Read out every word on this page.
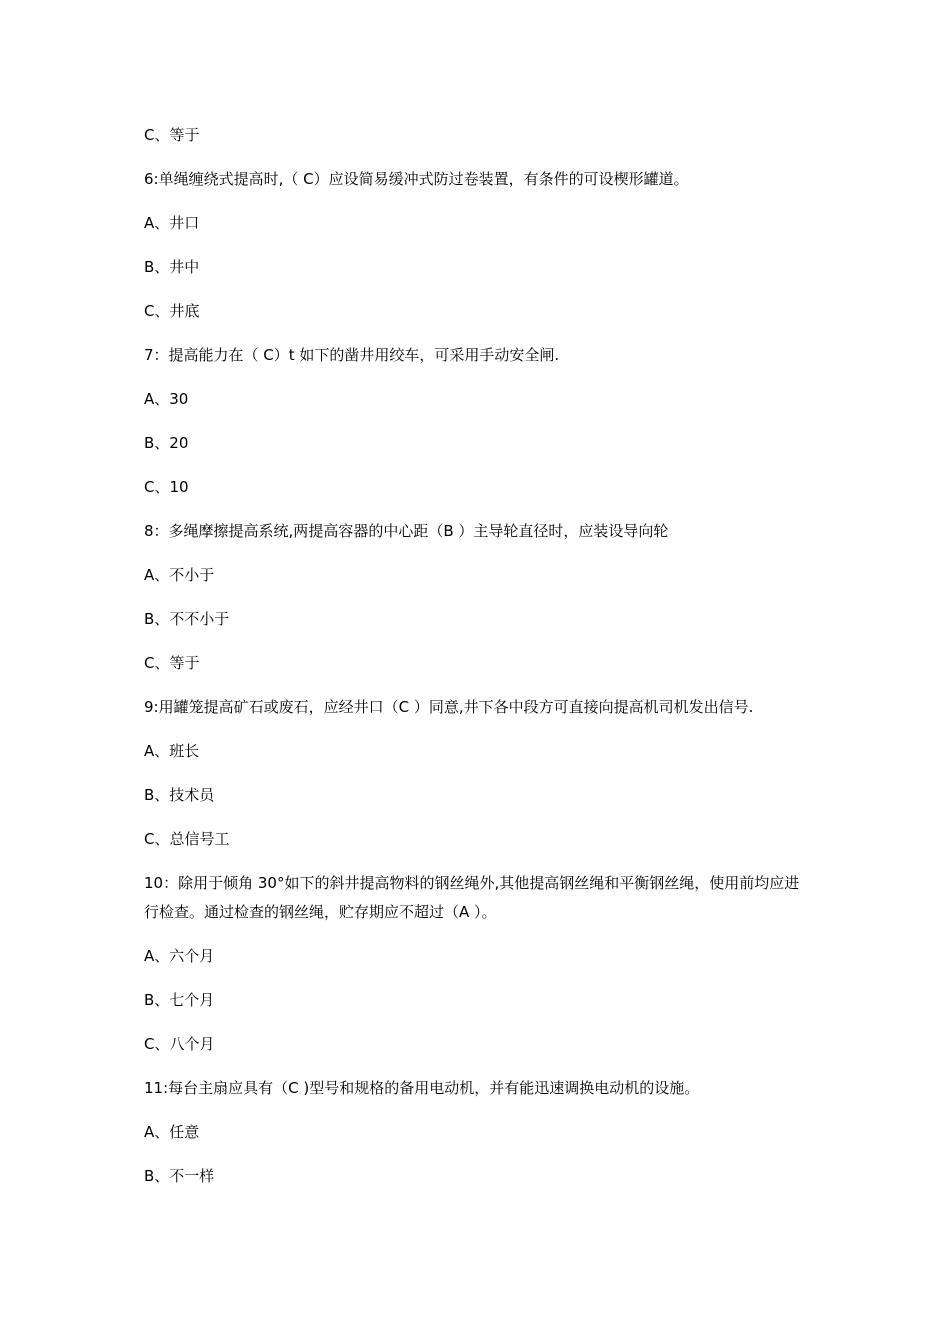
C、等于

6:单绳缠绕式提高时,（ C）应设简易缓冲式防过卷装置，有条件的可设楔形罐道。

A、井口

B、井中

C、井底

7：提高能力在（ C）t 如下的凿井用绞车，可采用手动安全闸.

A、30

B、20

C、10

8：多绳摩擦提高系统,两提高容器的中心距（B ）主导轮直径时，应装设导向轮

A、不小于

B、不不小于

C、等于

9:用罐笼提高矿石或废石，应经井口（C ）同意,井下各中段方可直接向提高机司机发出信号.

A、班长

B、技术员

C、总信号工

10：除用于倾角 30°如下的斜井提高物料的钢丝绳外,其他提高钢丝绳和平衡钢丝绳，使用前均应进行检查。通过检查的钢丝绳，贮存期应不超过（A ）。

A、六个月

B、七个月

C、八个月

11:每台主扇应具有（C )型号和规格的备用电动机，并有能迅速调换电动机的设施。

A、任意

B、不一样
